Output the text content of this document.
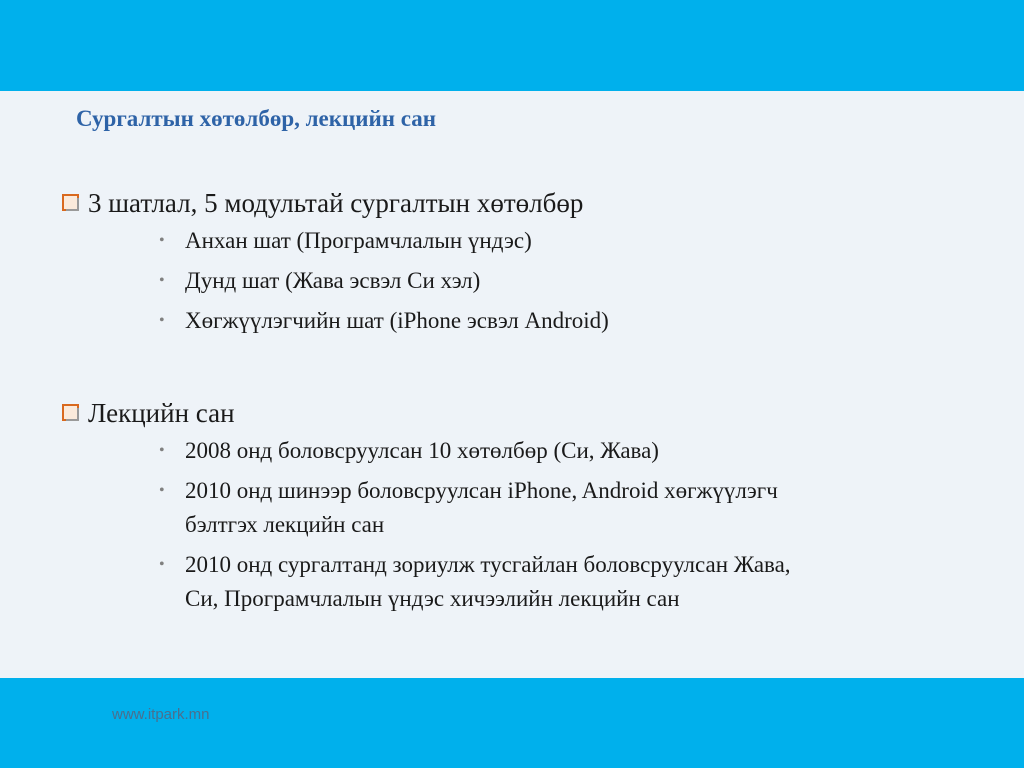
Сургалтын хөтөлбөр, лекцийн сан
3 шатлал, 5 модультай сургалтын хөтөлбөр
• Анхан шат (Програмчлалын үндэс)
• Дунд шат (Жава эсвэл Си хэл)
• Хөгжүүлэгчийн шат (iPhone эсвэл Android)
Лекцийн сан
• 2008 онд боловсруулсан 10 хөтөлбөр (Си, Жава)
• 2010 онд шинээр боловсруулсан iPhone, Android хөгжүүлэгч бэлтгэх лекцийн сан
• 2010 онд сургалтанд зориулж тусгайлан боловсруулсан Жава, Си, Програмчлалын үндэс хичээлийн лекцийн сан
www.itpark.mn
